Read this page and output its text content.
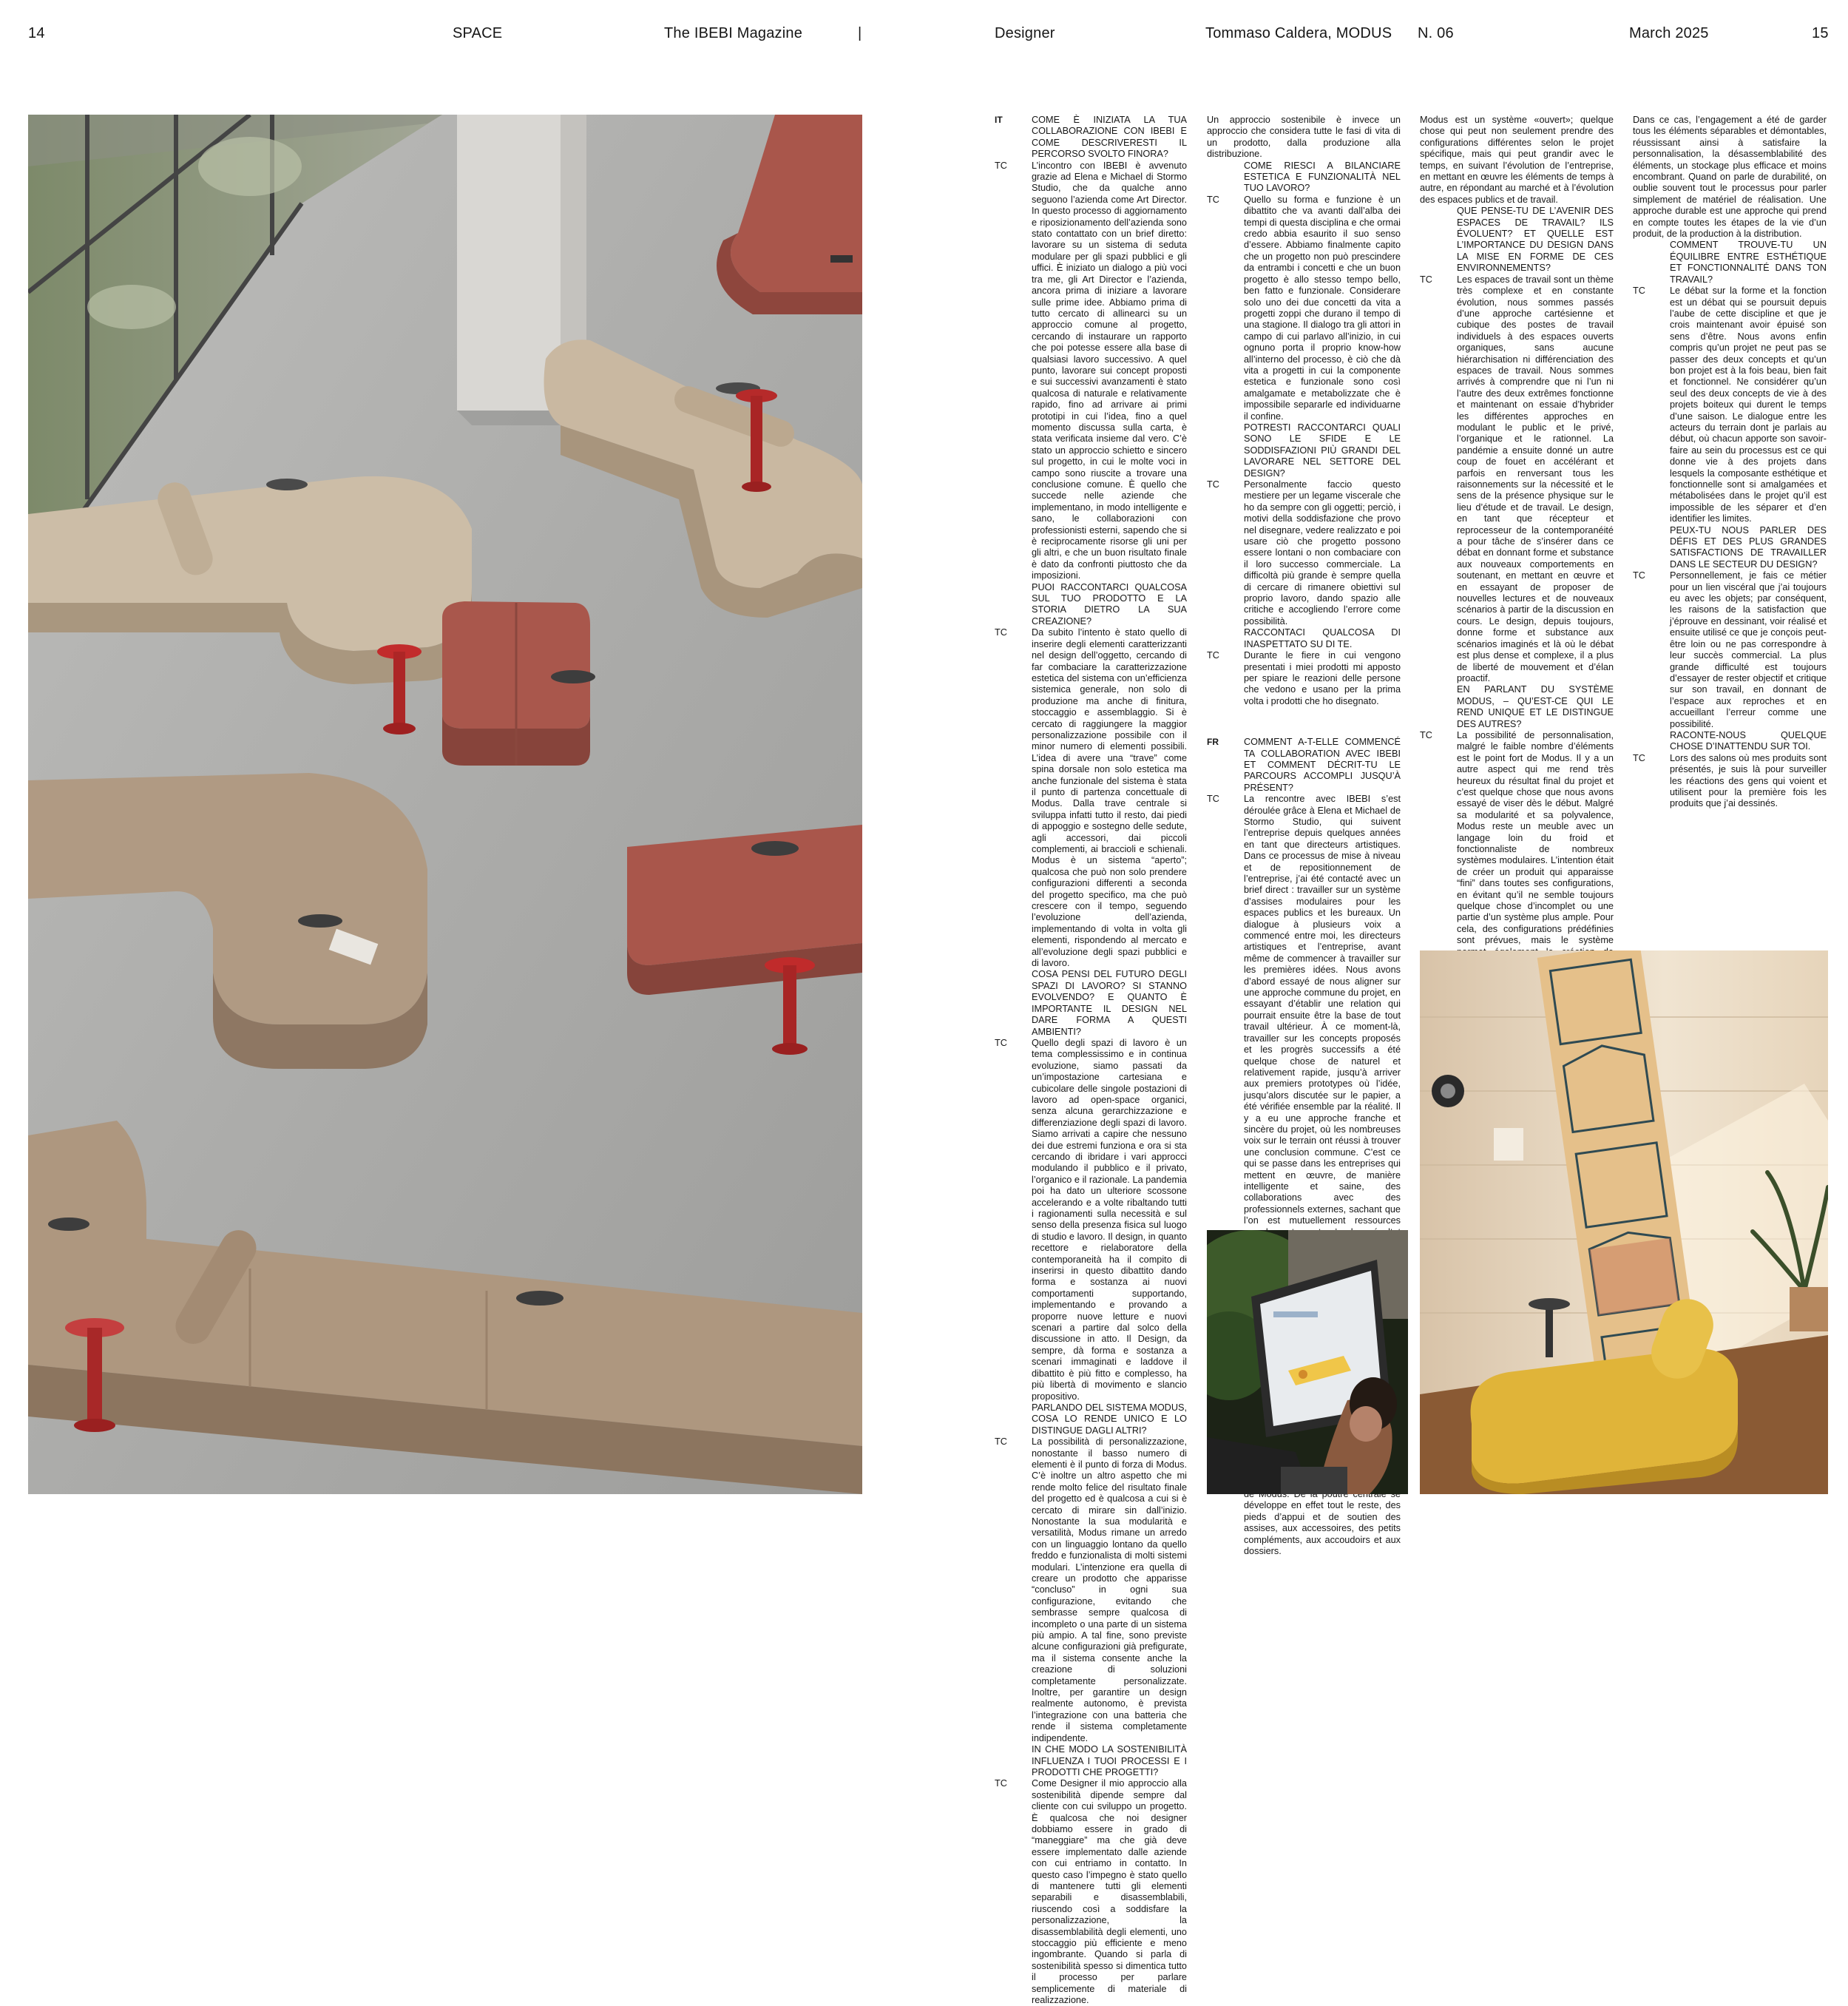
14	SPACE	The IBEBI Magazine	|	Designer	Tommaso Caldera, MODUS N. 06	March 2025	15
IT	COME È INIZIATA LA TUA COLLABORAZIONE CON IBEBI E COME DESCRIVERESTI IL PERCORSO SVOLTO FINORA?
TC	L’incontro con IBEBI è avvenuto grazie ad Elena e Michael di Stormo Studio, che da qualche anno seguono l’azienda come Art Director. In questo processo di aggiornamento e riposizionamento dell’azienda sono stato contattato con un brief diretto: lavorare su un sistema di seduta modulare per gli spazi pubblici e gli uffici. È iniziato un dialogo a più voci tra me, gli Art Director e l’azienda, ancora prima di iniziare a lavorare sulle prime idee. Abbiamo prima di tutto cercato di allinearci su un approccio comune al progetto, cercando di instaurare un rapporto che poi potesse essere alla base di qualsiasi lavoro successivo. A quel punto, lavorare sui concept proposti e sui successivi avanzamenti è stato qualcosa di naturale e relativamente rapido, fino ad arrivare ai primi prototipi in cui l’idea, fino a quel momento discussa sulla carta, è stata verificata insieme dal vero. C’è stato un approccio schietto e sincero sul progetto, in cui le molte voci in campo sono riuscite a trovare una conclusione comune. È quello che succede nelle aziende che implementano, in modo intelligente e sano, le collaborazioni con professionisti esterni, sapendo che si è reciprocamente risorse gli uni per gli altri, e che un buon risultato finale è dato da confronti piuttosto che da imposizioni.
PUOI RACCONTARCI QUALCOSA SUL TUO PRODOTTO E LA STORIA DIETRO LA SUA CREAZIONE?
TC	Da subito l’intento è stato quello di inserire degli elementi caratterizzanti nel design dell’oggetto, cercando di far combaciare la caratterizzazione estetica del sistema con un’efficienza sistemica generale, non solo di produzione ma anche di finitura, stoccaggio e assemblaggio. Si è cercato di raggiungere la maggior personalizzazione possibile con il minor numero di elementi possibili. L’idea di avere una “trave” come spina dorsale non solo estetica ma anche funzionale del sistema è stata il punto di partenza concettuale di Modus. Dalla trave centrale si sviluppa infatti tutto il resto, dai piedi di appoggio e sostegno delle sedute, agli accessori, dai piccoli complementi, ai braccioli e schienali. Modus è un sistema “aperto”; qualcosa che può non solo prendere configurazioni differenti a seconda del progetto specifico, ma che può crescere con il tempo, seguendo l’evoluzione dell’azienda, implementando di volta in volta gli elementi, rispondendo al mercato e all’evoluzione degli spazi pubblici e di lavoro.
COSA PENSI DEL FUTURO DEGLI SPAZI DI LAVORO? SI STANNO EVOLVENDO? E QUANTO È IMPORTANTE IL DESIGN NEL DARE FORMA A QUESTI AMBIENTI?
TC	Quello degli spazi di lavoro è un tema complessissimo e in continua evoluzione, siamo passati da un’impostazione cartesiana e cubicolare delle singole postazioni di lavoro ad open-space organici, senza alcuna gerarchizzazione e differenziazione degli spazi di lavoro. Siamo arrivati a capire che nessuno dei due estremi funziona e ora si sta cercando di ibridare i vari approcci modulando il pubblico e il privato, l’organico e il razionale. La pandemia poi ha dato un ulteriore scossone accelerando e a volte ribaltando tutti i ragionamenti sulla necessità e sul senso della presenza fisica sul luogo di studio e lavoro. Il design, in quanto recettore e rielaboratore della contemporaneità ha il compito di inserirsi in questo dibattito dando forma e sostanza ai nuovi comportamenti supportando, implementando e provando a proporre nuove letture e nuovi scenari a partire dal solco della discussione in atto. Il Design, da sempre, dà forma e sostanza a scenari immaginati e laddove il dibattito è più fitto e complesso, ha più libertà di movimento e slancio propositivo.
PARLANDO DEL SISTEMA MODUS, COSA LO RENDE UNICO E LO DISTINGUE DAGLI ALTRI?
TC	La possibilità di personalizzazione, nonostante il basso numero di elementi è il punto di forza di Modus. C’è inoltre un altro aspetto che mi rende molto felice del risultato finale del progetto ed è qualcosa a cui si è cercato di mirare sin dall’inizio. Nonostante la sua modularità e versatilità, Modus rimane un arredo con un linguaggio lontano da quello freddo e funzionalista di molti sistemi modulari. L’intenzione era quella di creare un prodotto che apparisse “concluso” in ogni sua configurazione, evitando che sembrasse sempre qualcosa di incompleto o una parte di un sistema più ampio. A tal fine, sono previste alcune configurazioni già prefigurate, ma il sistema consente anche la creazione di soluzioni completamente personalizzate. Inoltre, per garantire un design realmente autonomo, è prevista l’integrazione con una batteria che rende il sistema completamente indipendente.
IN CHE MODO LA SOSTENIBILITÀ INFLUENZA I TUOI PROCESSI E I PRODOTTI CHE PROGETTI?
TC	Come Designer il mio approccio alla sostenibilità dipende sempre dal cliente con cui sviluppo un progetto. È qualcosa che noi designer dobbiamo essere in grado di “maneggiare” ma che già deve essere implementato dalle aziende con cui entriamo in contatto. In questo caso l’impegno è stato quello di mantenere tutti gli elementi separabili e disassemblabili, riuscendo così a soddisfare la personalizzazione, la disassemblabilità degli elementi, uno stoccaggio più efficiente e meno ingombrante. Quando si parla di sostenibilità spesso si dimentica tutto il processo per parlare semplicemente di materiale di realizzazione.
Un approccio sostenibile è invece un approccio che considera tutte le fasi di vita di un prodotto, dalla produzione alla distribuzione.
COME RIESCI A BILANCIARE ESTETICA E FUNZIONALITÀ NEL TUO LAVORO?
TC	Quello su forma e funzione è un dibattito che va avanti dall’alba dei tempi di questa disciplina e che ormai credo abbia esaurito il suo senso d’essere. Abbiamo finalmente capito che un progetto non può prescindere da entrambi i concetti e che un buon progetto è allo stesso tempo bello, ben fatto e funzionale. Considerare solo uno dei due concetti da vita a progetti zoppi che durano il tempo di una stagione. Il dialogo tra gli attori in campo di cui parlavo all’inizio, in cui ognuno porta il proprio know-how all’interno del processo, è ciò che dà vita a progetti in cui la componente estetica e funzionale sono così amalgamate e metabolizzate che è impossibile separarle ed individuarne il confine.
POTRESTI RACCONTARCI QUALI SONO LE SFIDE E LE SODDISFAZIONI PIÙ GRANDI DEL LAVORARE NEL SETTORE DEL DESIGN?
TC	Personalmente faccio questo mestiere per un legame viscerale che ho da sempre con gli oggetti; perciò, i motivi della soddisfazione che provo nel disegnare, vedere realizzato e poi usare ciò che progetto possono essere lontani o non combaciare con il loro successo commerciale. La difficoltà più grande è sempre quella di cercare di rimanere obiettivi sul proprio lavoro, dando spazio alle critiche e accogliendo l’errore come possibilità.
RACCONTACI QUALCOSA DI INASPETTATO SU DI TE.
TC	Durante le fiere in cui vengono presentati i miei prodotti mi apposto per spiare le reazioni delle persone che vedono e usano per la prima volta i prodotti che ho disegnato.
FR	COMMENT A-T-ELLE COMMENCÉ TA COLLABORATION AVEC IBEBI ET COMMENT DÉCRIT-TU LE PARCOURS ACCOMPLI JUSQU’À PRÉSENT?
TC	La rencontre avec IBEBI s’est déroulée grâce à Elena et Michael de Stormo Studio, qui suivent l’entreprise depuis quelques années en tant que directeurs artistiques. Dans ce processus de mise à niveau et de repositionnement de l’entreprise, j’ai été contacté avec un brief direct : travailler sur un système d’assises modulaires pour les espaces publics et les bureaux. Un dialogue à plusieurs voix a commencé entre moi, les directeurs artistiques et l’entreprise, avant même de commencer à travailler sur les premières idées. Nous avons d’abord essayé de nous aligner sur une approche commune du projet, en essayant d’établir une relation qui pourrait ensuite être la base de tout travail ultérieur. À ce moment-là, travailler sur les concepts proposés et les progrès successifs a été quelque chose de naturel et relativement rapide, jusqu’à arriver aux premiers prototypes où l’idée, jusqu’alors discutée sur le papier, a été vérifiée ensemble par la réalité. Il y a eu une approche franche et sincère du projet, où les nombreuses voix sur le terrain ont réussi à trouver une conclusion commune. C’est ce qui se passe dans les entreprises qui mettent en œuvre, de manière intelligente et saine, des collaborations avec des professionnels externes, sachant que l’on est mutuellement ressources
développe en effet tout le reste, des pieds d’appui et de soutien des assises, aux accessoires, des petits compléments, aux accoudoirs et aux dossiers.
Modus est un système «ouvert»; quelque chose qui peut non seulement prendre des configurations différentes selon le projet spécifique, mais qui peut grandir avec le temps, en suivant l’évolution de l’entreprise, en mettant en œuvre les éléments de temps à autre, en répondant au marché et à l’évolution des espaces publics et de travail.
QUE PENSE-TU DE L’AVENIR DES ESPACES DE TRAVAIL? ILS ÉVOLUENT? ET QUELLE EST L’IMPORTANCE DU DESIGN DANS LA MISE EN FORME DE CES ENVIRONNEMENTS?
TC	Les espaces de travail sont un thème très complexe et en constante évolution, nous sommes passés d’une approche cartésienne et cubique des postes de travail individuels à des espaces ouverts organiques, sans aucune hiérarchisation ni différenciation des espaces de travail. Nous sommes arrivés à comprendre que ni l’un ni l’autre des deux extrêmes fonctionne et maintenant on essaie d’hybrider les différentes approches en modulant le public et le privé, l’organique et le rationnel. La pandémie a ensuite donné un autre coup de fouet en accélérant et parfois en renversant tous les raisonnements sur la nécessité et le sens de la présence physique sur le lieu d’étude et de travail. Le design, en tant que récepteur et reprocesseur de la contemporanéité a pour tâche de s’insérer dans ce débat en donnant forme et substance aux nouveaux comportements en soutenant, en mettant en œuvre et en essayant de proposer de nouvelles lectures et de nouveaux scénarios à partir de la discussion en cours. Le design, depuis toujours, donne forme et substance aux scénarios imaginés et là où le débat est plus dense et complexe, il a plus de liberté de mouvement et d’élan proactif.
EN PARLANT DU SYSTÈME MODUS, – QU’EST-CE QUI LE REND UNIQUE ET LE DISTINGUE DES AUTRES?
TC	La possibilité de personnalisation, malgré le faible nombre d’éléments est le point fort de Modus. Il y a un autre aspect qui me rend très heureux du résultat final du projet et c’est quelque chose que nous avons essayé de viser dès le début. Malgré sa modularité et sa polyvalence, Modus reste un meuble avec un langage loin du froid et fonctionnaliste de nombreux systèmes modulaires. L’intention était de créer un produit qui apparaisse “fini” dans toutes ses configurations, en évitant qu’il ne semble toujours quelque chose d’incomplet ou une partie d’un système plus ample. Pour cela, des configurations prédéfinies sont prévues, mais le système
Dans ce cas, l’engagement a été de garder tous les éléments séparables et démontables, réussissant ainsi à satisfaire la personnalisation, la désassemblabilité des éléments, un stockage plus efficace et moins encombrant. Quand on parle de durabilité, on oublie souvent tout le processus pour parler simplement de matériel de réalisation. Une approche durable est une approche qui prend en compte toutes les étapes de la vie d’un produit, de la production à la distribution.
COMMENT TROUVE-TU UN ÉQUILIBRE ENTRE ESTHÉTIQUE ET FONCTIONNALITÉ DANS TON TRAVAIL?
TC	Le débat sur la forme et la fonction est un débat qui se poursuit depuis l’aube de cette discipline et que je crois maintenant avoir épuisé son sens d’être. Nous avons enfin compris qu’un projet ne peut pas se passer des deux concepts et qu’un bon projet est à la fois beau, bien fait et fonctionnel. Ne considérer qu’un seul des deux concepts de vie à des projets boiteux qui durent le temps d’une saison. Le dialogue entre les acteurs du terrain dont je parlais au début, où chacun apporte son savoir-faire au sein du processus est ce qui donne vie à des projets dans lesquels la composante esthétique et fonctionnelle sont si amalgamées et métabolisées dans le projet qu’il est impossible de les séparer et d’en identifier les limites.
PEUX-TU NOUS PARLER DES DÉFIS ET DES PLUS GRANDES SATISFACTIONS DE TRAVAILLER DANS LE SECTEUR DU DESIGN?
TC	Personnellement, je fais ce métier pour un lien viscéral que j’ai toujours eu avec les objets; par conséquent, les raisons de la satisfaction que j’éprouve en dessinant, voir réalisé et ensuite utilisé ce que je conçois peut-être loin ou ne pas correspondre à leur succès commercial. La plus grande difficulté est toujours d’essayer de rester objectif et critique sur son travail, en donnant de l’espace aux reproches et en accueillant l’erreur comme une possibilité.
RACONTE-NOUS QUELQUE CHOSE D’INATTENDU SUR TOI.
TC	Lors des salons où mes produits sont présentés, je suis là pour surveiller les réactions des gens qui voient et utilisent pour la première fois les produits que j’ai dessinés.
